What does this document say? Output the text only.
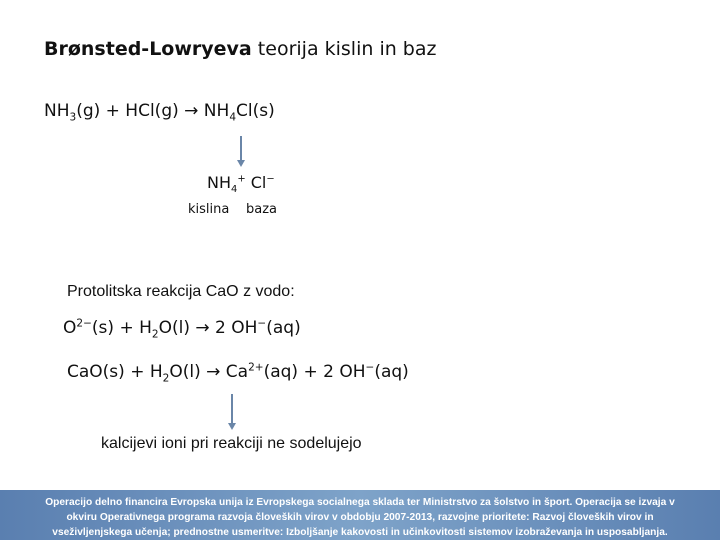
Brønsted-Lowryeva teorija kislin in baz
$NH_3(g) + HCl(g) \to NH_4Cl(s)$
$NH_4^+$ Cl−
kislina baza
Protolitska reakcija CaO z vodo:
$O^{2-}(s) + H_2O(l) \to 2$ OH−(aq)
$CaO(s) + H_2O(l) \to Ca^{2+}(aq) + 2$ OH−(aq)
kalcijevi ioni pri reakciji ne sodelujejo
Operacijo delno financira Evropska unija iz Evropskega socialnega sklada ter Ministrstvo za šolstvo in šport. Operacija se izvaja v
okviru Operativnega programa razvoja človeških virov v obdobju 2007-2013, razvojne prioritete: Razvoj človeških virov in
vseživljenjskega učenja; prednostne usmeritve: Izboljšanje kakovosti in učinkovitosti sistemov izobraževanja in usposabljanja.
